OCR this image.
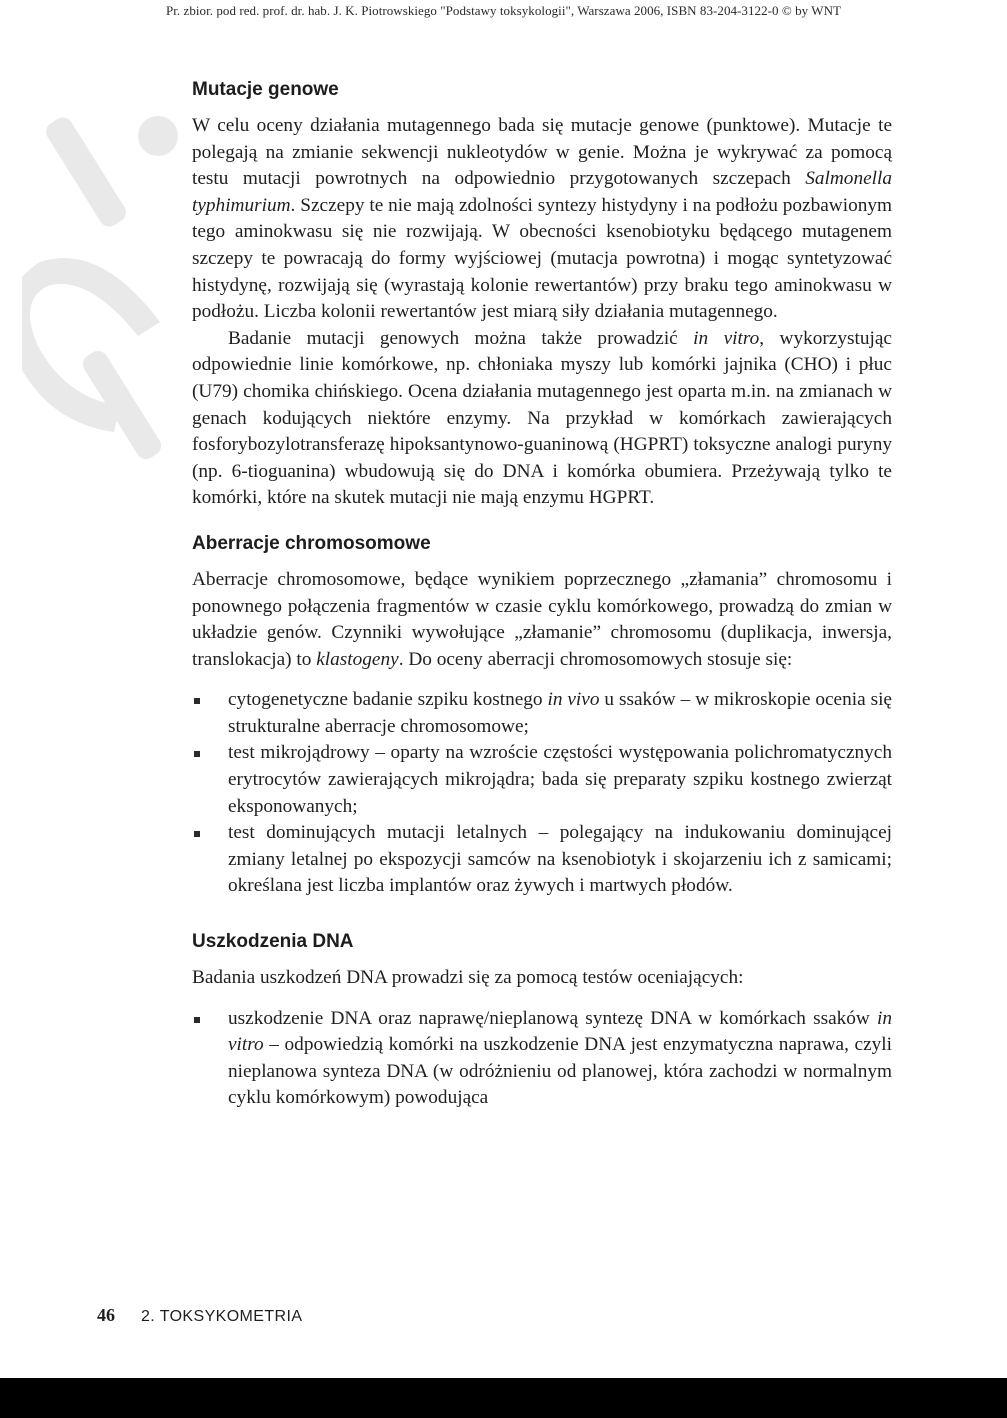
Pr. zbior. pod red. prof. dr. hab. J. K. Piotrowskiego "Podstawy toksykologii", Warszawa 2006, ISBN 83-204-3122-0 © by WNT
Mutacje genowe

W celu oceny działania mutagennego bada się mutacje genowe (punktowe). Mutacje te polegają na zmianie sekwencji nukleotydów w genie. Można je wykrywać za pomocą testu mutacji powrotnych na odpowiednio przygotowanych szczepach Salmonella typhimurium. Szczepy te nie mają zdolności syntezy histydyny i na podłożu pozbawionym tego aminokwasu się nie rozwijają. W obecności ksenobiotyku będącego mutagenem szczepy te powracają do formy wyjściowej (mutacja powrotna) i mogąc syntetyzować histydynę, rozwijają się (wyrastają kolonie rewertantów) przy braku tego aminokwasu w podłożu. Liczba kolonii rewertantów jest miarą siły działania mutagennego.

Badanie mutacji genowych można także prowadzić in vitro, wykorzystując odpowiednie linie komórkowe, np. chłoniaka myszy lub komórki jajnika (CHO) i płuc (U79) chomika chińskiego. Ocena działania mutagennego jest oparta m.in. na zmianach w genach kodujących niektóre enzymy. Na przykład w komórkach zawierających fosforybozylotransferazę hipoksantynowo-guaninową (HGPRT) toksyczne analogi puryny (np. 6-tioguanina) wbudowują się do DNA i komórka obumiera. Przeżywają tylko te komórki, które na skutek mutacji nie mają enzymu HGPRT.

Aberracje chromosomowe

Aberracje chromosomowe, będące wynikiem poprzecznego „złamania” chromosomu i ponownego połączenia fragmentów w czasie cyklu komórkowego, prowadzą do zmian w układzie genów. Czynniki wywołujące „złamanie” chromosomu (duplikacja, inwersja, translokacja) to klastogeny. Do oceny aberracji chromosomowych stosuje się:

cytogenetyczne badanie szpiku kostnego in vivo u ssaków – w mikroskopie ocenia się strukturalne aberracje chromosomowe;
test mikrojądrowy – oparty na wzroście częstości występowania polichromatycznych erytrocytów zawierających mikrojądra; bada się preparaty szpiku kostnego zwierząt eksponowanych;
test dominujących mutacji letalnych – polegający na indukowaniu dominującej zmiany letalnej po ekspozycji samców na ksenobiotyk i skojarzeniu ich z samicami; określana jest liczba implantów oraz żywych i martwych płodów.
Uszkodzenia DNA

Badania uszkodzeń DNA prowadzi się za pomocą testów oceniających:

uszkodzenie DNA oraz naprawę/nieplanową syntezę DNA w komórkach ssaków in vitro – odpowiedzią komórki na uszkodzenie DNA jest enzymatyczna naprawa, czyli nieplanowa synteza DNA (w odróżnieniu od planowej, która zachodzi w normalnym cyklu komórkowym) powodująca
46 2. TOKSYKOMETRIA
